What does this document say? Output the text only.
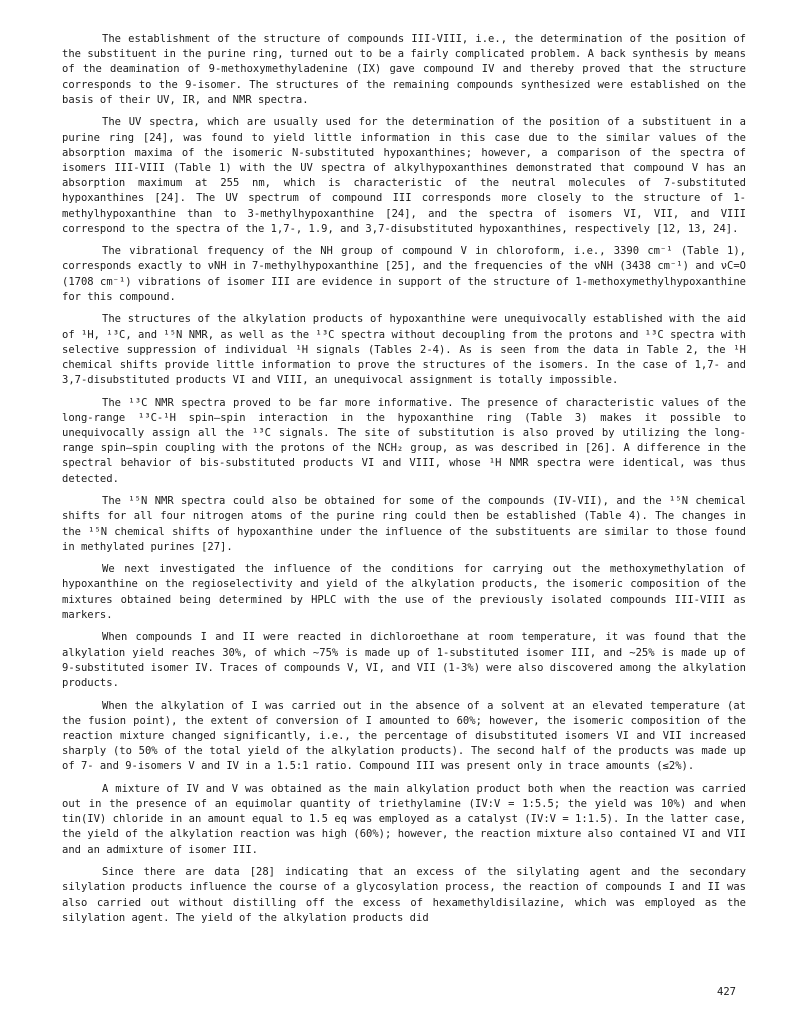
The establishment of the structure of compounds III-VIII, i.e., the determination of the position of the substituent in the purine ring, turned out to be a fairly complicated problem. A back synthesis by means of the deamination of 9-methoxymethyladenine (IX) gave compound IV and thereby proved that the structure corresponds to the 9-isomer. The structures of the remaining compounds synthesized were established on the basis of their UV, IR, and NMR spectra.

The UV spectra, which are usually used for the determination of the position of a substituent in a purine ring [24], was found to yield little information in this case due to the similar values of the absorption maxima of the isomeric N-substituted hypoxanthines; however, a comparison of the spectra of isomers III-VIII (Table 1) with the UV spectra of alkylhypoxanthines demonstrated that compound V has an absorption maximum at 255 nm, which is characteristic of the neutral molecules of 7-substituted hypoxanthines [24]. The UV spectrum of compound III corresponds more closely to the structure of 1-methylhypoxanthine than to 3-methylhypoxanthine [24], and the spectra of isomers VI, VII, and VIII correspond to the spectra of the 1,7-, 1.9, and 3,7-disubstituted hypoxanthines, respectively [12, 13, 24].

The vibrational frequency of the NH group of compound V in chloroform, i.e., 3390 cm⁻¹ (Table 1), corresponds exactly to νNH in 7-methylhypoxanthine [25], and the frequencies of the νNH (3438 cm⁻¹) and νC=O (1708 cm⁻¹) vibrations of isomer III are evidence in support of the structure of 1-methoxymethylhypoxanthine for this compound.

The structures of the alkylation products of hypoxanthine were unequivocally established with the aid of ¹H, ¹³C, and ¹⁵N NMR, as well as the ¹³C spectra without decoupling from the protons and ¹³C spectra with selective suppression of individual ¹H signals (Tables 2-4). As is seen from the data in Table 2, the ¹H chemical shifts provide little information to prove the structures of the isomers. In the case of 1,7- and 3,7-disubstituted products VI and VIII, an unequivocal assignment is totally impossible.

The ¹³C NMR spectra proved to be far more informative. The presence of characteristic values of the long-range ¹³C-¹H spin—spin interaction in the hypoxanthine ring (Table 3) makes it possible to unequivocally assign all the ¹³C signals. The site of substitution is also proved by utilizing the long-range spin—spin coupling with the protons of the NCH₂ group, as was described in [26]. A difference in the spectral behavior of bis-substituted products VI and VIII, whose ¹H NMR spectra were identical, was thus detected.

The ¹⁵N NMR spectra could also be obtained for some of the compounds (IV-VII), and the ¹⁵N chemical shifts for all four nitrogen atoms of the purine ring could then be established (Table 4). The changes in the ¹⁵N chemical shifts of hypoxanthine under the influence of the substituents are similar to those found in methylated purines [27].

We next investigated the influence of the conditions for carrying out the methoxymethylation of hypoxanthine on the regioselectivity and yield of the alkylation products, the isomeric composition of the mixtures obtained being determined by HPLC with the use of the previously isolated compounds III-VIII as markers.

When compounds I and II were reacted in dichloroethane at room temperature, it was found that the alkylation yield reaches 30%, of which ~75% is made up of 1-substituted isomer III, and ~25% is made up of 9-substituted isomer IV. Traces of compounds V, VI, and VII (1-3%) were also discovered among the alkylation products.

When the alkylation of I was carried out in the absence of a solvent at an elevated temperature (at the fusion point), the extent of conversion of I amounted to 60%; however, the isomeric composition of the reaction mixture changed significantly, i.e., the percentage of disubstituted isomers VI and VII increased sharply (to 50% of the total yield of the alkylation products). The second half of the products was made up of 7- and 9-isomers V and IV in a 1.5:1 ratio. Compound III was present only in trace amounts (≤2%).

A mixture of IV and V was obtained as the main alkylation product both when the reaction was carried out in the presence of an equimolar quantity of triethylamine (IV:V = 1:5.5; the yield was 10%) and when tin(IV) chloride in an amount equal to 1.5 eq was employed as a catalyst (IV:V = 1:1.5). In the latter case, the yield of the alkylation reaction was high (60%); however, the reaction mixture also contained VI and VII and an admixture of isomer III.

Since there are data [28] indicating that an excess of the silylating agent and the secondary silylation products influence the course of a glycosylation process, the reaction of compounds I and II was also carried out without distilling off the excess of hexamethyldisilazine, which was employed as the silylation agent. The yield of the alkylation products did

427
